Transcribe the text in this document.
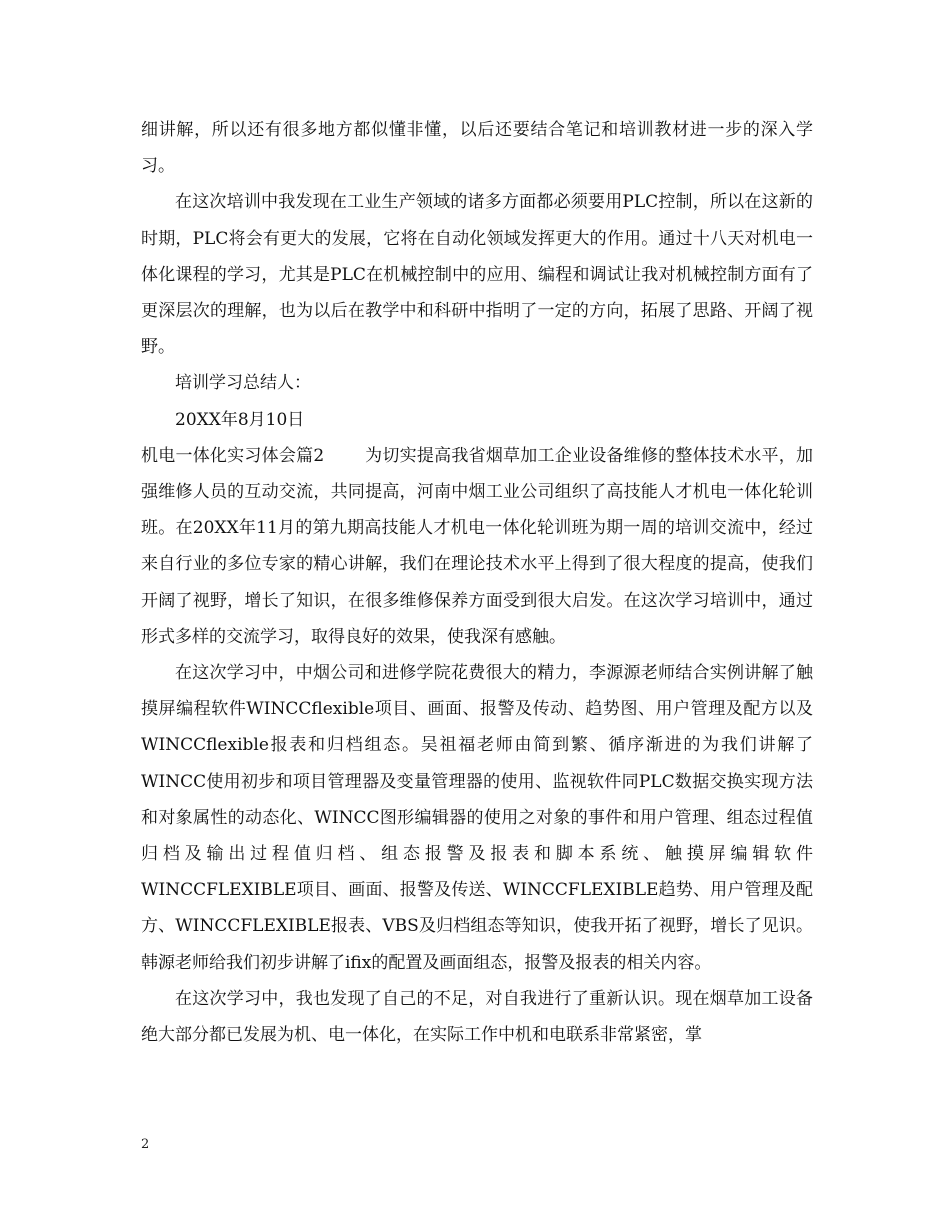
细讲解，所以还有很多地方都似懂非懂，以后还要结合笔记和培训教材进一步的深入学习。

在这次培训中我发现在工业生产领域的诸多方面都必须要用PLC控制，所以在这新的时期，PLC将会有更大的发展，它将在自动化领域发挥更大的作用。通过十八天对机电一体化课程的学习，尤其是PLC在机械控制中的应用、编程和调试让我对机械控制方面有了更深层次的理解，也为以后在教学中和科研中指明了一定的方向，拓展了思路、开阔了视野。

培训学习总结人：

20XX年8月10日

机电一体化实习体会篇2 为切实提高我省烟草加工企业设备维修的整体技术水平，加强维修人员的互动交流，共同提高，河南中烟工业公司组织了高技能人才机电一体化轮训班。在20XX年11月的第九期高技能人才机电一体化轮训班为期一周的培训交流中，经过来自行业的多位专家的精心讲解，我们在理论技术水平上得到了很大程度的提高，使我们开阔了视野，增长了知识，在很多维修保养方面受到很大启发。在这次学习培训中，通过形式多样的交流学习，取得良好的效果，使我深有感触。

在这次学习中，中烟公司和进修学院花费很大的精力，李源源老师结合实例讲解了触摸屏编程软件WINCCflexible项目、画面、报警及传动、趋势图、用户管理及配方以及WINCCflexible报表和归档组态。吴祖福老师由简到繁、循序渐进的为我们讲解了WINCC使用初步和项目管理器及变量管理器的使用、监视软件同PLC数据交换实现方法和对象属性的动态化、WINCC图形编辑器的使用之对象的事件和用户管理、组态过程值归档及输出过程值归档、组态报警及报表和脚本系统、触摸屏编辑软件WINCCFLEXIBLE项目、画面、报警及传送、WINCCFLEXIBLE趋势、用户管理及配方、WINCCFLEXIBLE报表、VBS及归档组态等知识，使我开拓了视野，增长了见识。韩源老师给我们初步讲解了ifix的配置及画面组态，报警及报表的相关内容。

在这次学习中，我也发现了自己的不足，对自我进行了重新认识。现在烟草加工设备绝大部分都已发展为机、电一体化，在实际工作中机和电联系非常紧密，掌

2
